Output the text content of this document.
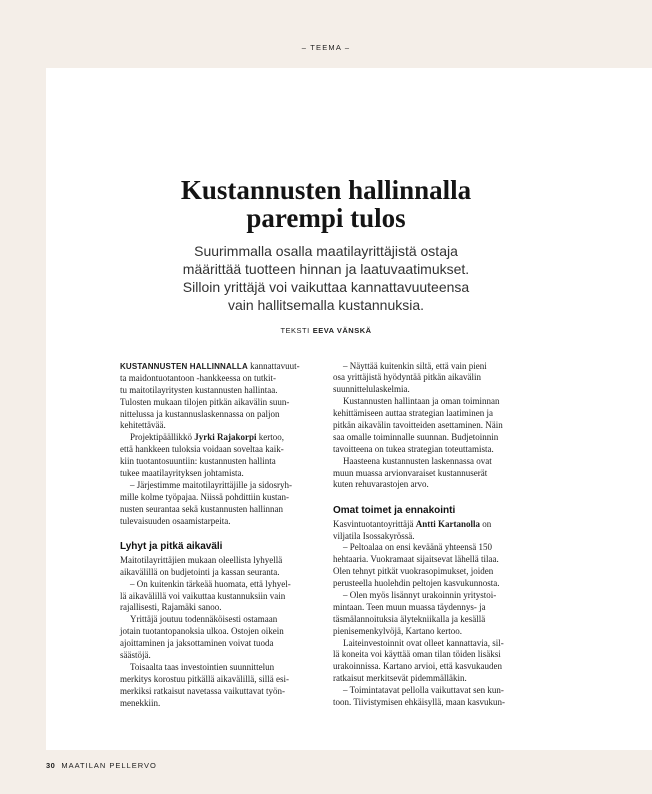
– TEEMA –
Kustannusten hallinnalla
parempi tulos
Suurimmalla osalla maatilayrittäjistä ostaja
määrittää tuotteen hinnan ja laatuvaatimukset.
Silloin yrittäjä voi vaikuttaa kannattavuuteensa
vain hallitsemalla kustannuksia.
TEKSTI EEVA VÄNSKÄ
KUSTANNUSTEN HALLINNALLA kannattavuut-
ta maidontuotantoon -hankkeessa on tutkit-
tu maitotilayritysten kustannusten hallintaa.
Tulosten mukaan tilojen pitkän aikavälin suun-
nittelussa ja kustannuslaskennassa on paljon
kehitettävää.
Projektipäällikkö Jyrki Rajakorpi kertoo,
että hankkeen tuloksia voidaan soveltaa kaik-
kiin tuotantosuuntiin: kustannusten hallinta
tukee maatilayrityksen johtamista.
– Järjestimme maitotilayrittäjille ja sidosryh-
mille kolme työpajaa. Niissä pohdittiin kustan-
nusten seurantaa sekä kustannusten hallinnan
tulevaisuuden osaamistarpeita.
Lyhyt ja pitkä aikaväli
Maitotilayrittäjien mukaan oleellista lyhyellä
aikavälillä on budjetointi ja kassan seuranta.
– On kuitenkin tärkeää huomata, että lyhyel-
lä aikavälillä voi vaikuttaa kustannuksiin vain
rajallisesti, Rajamäki sanoo.
Yrittäjä joutuu todennäköisesti ostamaan
jotain tuotantopanoksia ulkoa. Ostojen oikein
ajoittaminen ja jaksottaminen voivat tuoda
säästöjä.
Toisaalta taas investointien suunnittelun
merkitys korostuu pitkällä aikavälillä, sillä esi-
merkiksi ratkaisut navetassa vaikuttavat työn-
menekkiin.
– Näyttää kuitenkin siltä, että vain pieni
osa yrittäjistä hyödyntää pitkän aikavälin
suunnittelulaskelmia.
Kustannusten hallintaan ja oman toiminnan
kehittämiseen auttaa strategian laatiminen ja
pitkän aikavälin tavoitteiden asettaminen. Näin
saa omalle toiminnalle suunnan. Budjetoinnin
tavoitteena on tukea strategian toteuttamista.
Haasteena kustannusten laskennassa ovat
muun muassa arvionvaraiset kustannuserät
kuten rehuvarastojen arvo.
Omat toimet ja ennakointi
Kasvintuotantoyrittäjä Antti Kartanolla on
viljatila Isossakyrössä.
– Peltoalaa on ensi keväänä yhteensä 150
hehtaaria. Vuokramaat sijaitsevat lähellä tilaa.
Olen tehnyt pitkät vuokrasopimukset, joiden
perusteella huolehdin peltojen kasvukunnosta.
– Olen myös lisännyt urakoinnin yritystoi-
mintaan. Teen muun muassa täydennys- ja
täsmälannoituksia älytekniikalla ja kesällä
pienisemenkylvöjä, Kartano kertoo.
Laiteinvestoinnit ovat olleet kannattavia, sil-
lä koneita voi käyttää oman tilan töiden lisäksi
urakoinnissa. Kartano arvioi, että kasvukauden
ratkaisut merkitsevät pidemmälläkin.
– Toimintatavat pellolla vaikuttavat sen kun-
toon. Tiivistymisen ehkäisyllä, maan kasvukun-
30 MAATILAN PELLERVO
